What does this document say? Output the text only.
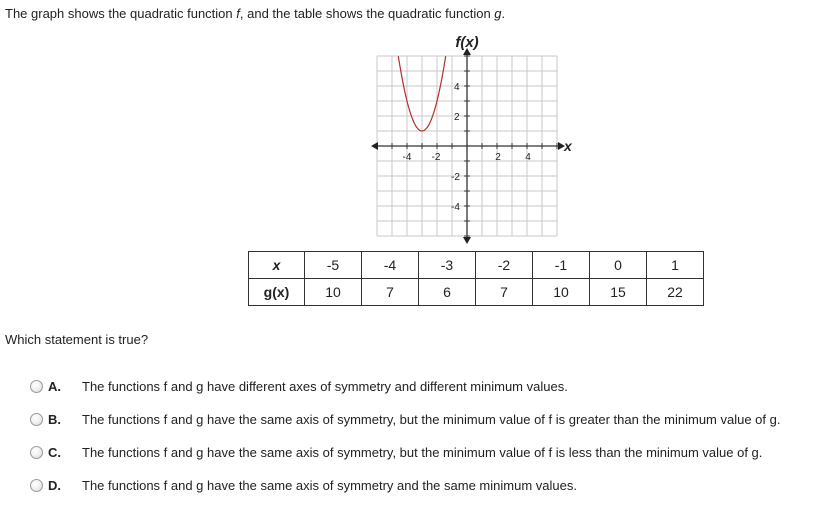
The graph shows the quadratic function f, and the table shows the quadratic function g.
f(x)
x
-4 -2	2 4
4
2
-2
-4
x	-5	-4	-3	-2	-1	0	1
g(x)	10	7	6	7	10	15	22
Which statement is true?
A. The functions f and g have different axes of symmetry and different minimum values.
B. The functions f and g have the same axis of symmetry, but the minimum value of f is greater than the minimum value of g.
C. The functions f and g have the same axis of symmetry, but the minimum value of f is less than the minimum value of g.
D. The functions f and g have the same axis of symmetry and the same minimum values.
